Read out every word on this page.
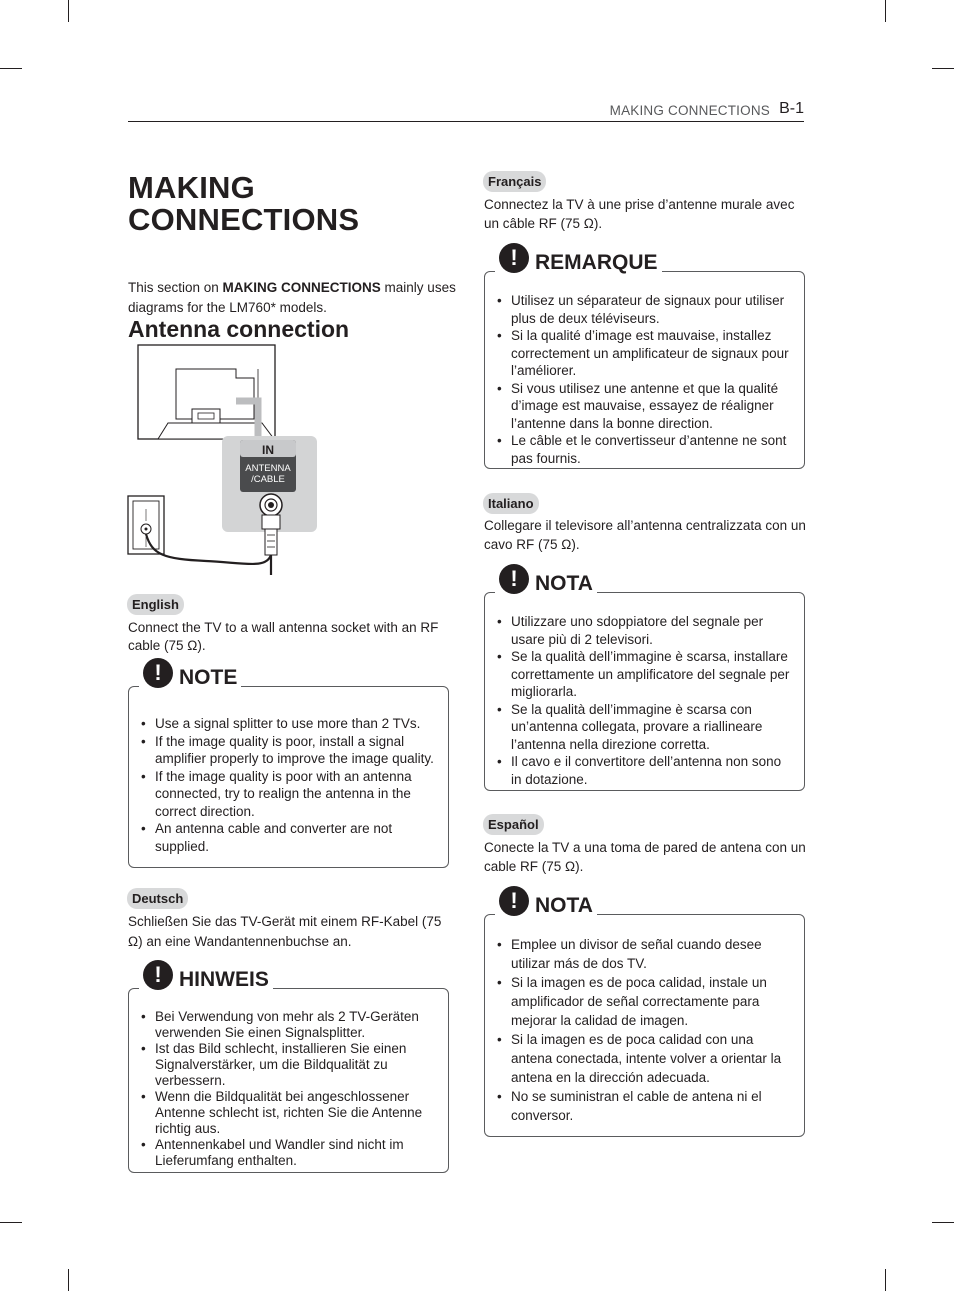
MAKING CONNECTIONS B-1
MAKING CONNECTIONS
This section on MAKING CONNECTIONS mainly uses diagrams for the LM760* models.
Antenna connection
IN
ANTENNA
/CABLE
English
Connect the TV to a wall antenna socket with an RF cable (75 Ω).
! NOTE
• Use a signal splitter to use more than 2 TVs.
• If the image quality is poor, install a signal amplifier properly to improve the image quality.
• If the image quality is poor with an antenna connected, try to realign the antenna in the correct direction.
• An antenna cable and converter are not supplied.
Deutsch
Schließen Sie das TV-Gerät mit einem RF-Kabel (75 Ω) an eine Wandantennenbuchse an.
! HINWEIS
• Bei Verwendung von mehr als 2 TV-Geräten verwenden Sie einen Signalsplitter.
• Ist das Bild schlecht, installieren Sie einen Signalverstärker, um die Bildqualität zu verbessern.
• Wenn die Bildqualität bei angeschlossener Antenne schlecht ist, richten Sie die Antenne richtig aus.
• Antennenkabel und Wandler sind nicht im Lieferumfang enthalten.
Français
Connectez la TV à une prise d’antenne murale avec un câble RF (75 Ω).
! REMARQUE
• Utilisez un séparateur de signaux pour utiliser plus de deux téléviseurs.
• Si la qualité d’image est mauvaise, installez correctement un amplificateur de signaux pour l’améliorer.
• Si vous utilisez une antenne et que la qualité d’image est mauvaise, essayez de réaligner l’antenne dans la bonne direction.
• Le câble et le convertisseur d’antenne ne sont pas fournis.
Italiano
Collegare il televisore all’antenna centralizzata con un cavo RF (75 Ω).
! NOTA
• Utilizzare uno sdoppiatore del segnale per usare più di 2 televisori.
• Se la qualità dell’immagine è scarsa, installare correttamente un amplificatore del segnale per migliorarla.
• Se la qualità dell’immagine è scarsa con un’antenna collegata, provare a riallineare l’antenna nella direzione corretta.
• Il cavo e il convertitore dell’antenna non sono in dotazione.
Español
Conecte la TV a una toma de pared de antena con un cable RF (75 Ω).
! NOTA
• Emplee un divisor de señal cuando desee utilizar más de dos TV.
• Si la imagen es de poca calidad, instale un amplificador de señal correctamente para mejorar la calidad de imagen.
• Si la imagen es de poca calidad con una antena conectada, intente volver a orientar la antena en la dirección adecuada.
• No se suministran el cable de antena ni el conversor.
